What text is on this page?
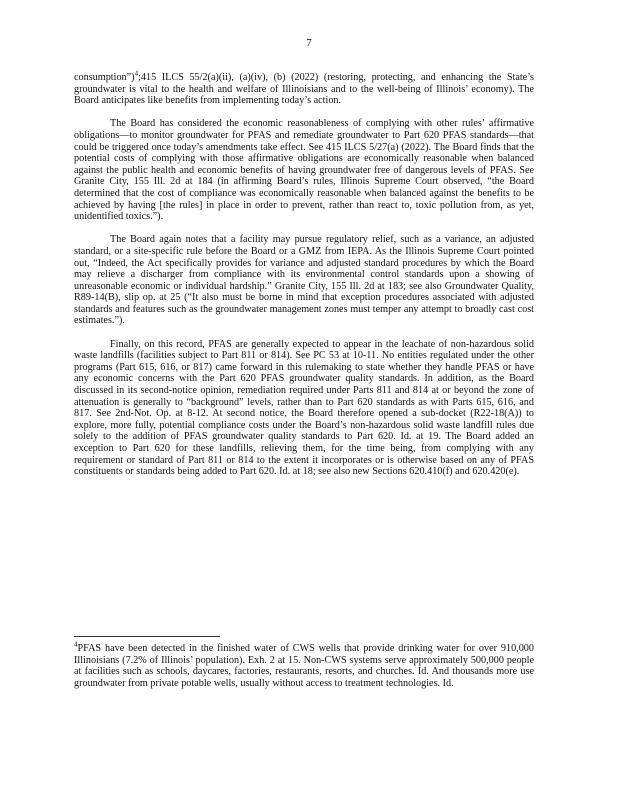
7

consumption”)$^4$;415 ILCS 55/2(a)(ii), (a)(iv), (b) (2022) (restoring, protecting, and enhancing the State’s groundwater is vital to the health and welfare of Illinoisians and to the well-being of Illinois’ economy). The Board anticipates like benefits from implementing today’s action.

The Board has considered the economic reasonableness of complying with other rules’ affirmative obligations—to monitor groundwater for PFAS and remediate groundwater to Part 620 PFAS standards—that could be triggered once today’s amendments take effect. See 415 ILCS 5/27(a) (2022). The Board finds that the potential costs of complying with those affirmative obligations are economically reasonable when balanced against the public health and economic benefits of having groundwater free of dangerous levels of PFAS. See Granite City, 155 Ill. 2d at 184 (in affirming Board’s rules, Illinois Supreme Court observed, “the Board determined that the cost of compliance was economically reasonable when balanced against the benefits to be achieved by having [the rules] in place in order to prevent, rather than react to, toxic pollution from, as yet, unidentified toxics.”).

The Board again notes that a facility may pursue regulatory relief, such as a variance, an adjusted standard, or a site-specific rule before the Board or a GMZ from IEPA. As the Illinois Supreme Court pointed out, “Indeed, the Act specifically provides for variance and adjusted standard procedures by which the Board may relieve a discharger from compliance with its environmental control standards upon a showing of unreasonable economic or individual hardship.” Granite City, 155 Ill. 2d at 183; see also Groundwater Quality, R89-14(B), slip op. at 25 (“It also must be borne in mind that exception procedures associated with adjusted standards and features such as the groundwater management zones must temper any attempt to broadly cast cost estimates.”).

Finally, on this record, PFAS are generally expected to appear in the leachate of non-hazardous solid waste landfills (facilities subject to Part 811 or 814). See PC 53 at 10-11. No entities regulated under the other programs (Part 615, 616, or 817) came forward in this rulemaking to state whether they handle PFAS or have any economic concerns with the Part 620 PFAS groundwater quality standards. In addition, as the Board discussed in its second-notice opinion, remediation required under Parts 811 and 814 at or beyond the zone of attenuation is generally to “background” levels, rather than to Part 620 standards as with Parts 615, 616, and 817. See 2nd-Not. Op. at 8-12. At second notice, the Board therefore opened a sub-docket (R22-18(A)) to explore, more fully, potential compliance costs under the Board’s non-hazardous solid waste landfill rules due solely to the addition of PFAS groundwater quality standards to Part 620. Id. at 19. The Board added an exception to Part 620 for these landfills, relieving them, for the time being, from complying with any requirement or standard of Part 811 or 814 to the extent it incorporates or is otherwise based on any of PFAS constituents or standards being added to Part 620. Id. at 18; see also new Sections 620.410(f) and 620.420(e).

$^4$PFAS have been detected in the finished water of CWS wells that provide drinking water for over 910,000 Illinoisians (7.2% of Illinois’ population). Exh. 2 at 15. Non-CWS systems serve approximately 500,000 people at facilities such as schools, daycares, factories, restaurants, resorts, and churches. Id. And thousands more use groundwater from private potable wells, usually without access to treatment technologies. Id.
